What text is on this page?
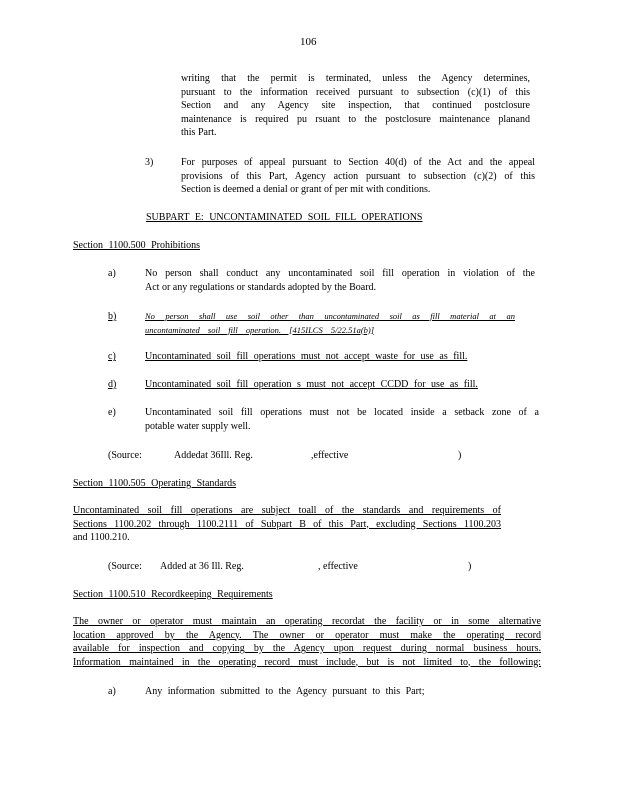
106
writing that the permit is terminated, unless the Agency determines,
pursuant to the information received pursuant to subsection (c)(1) of this
Section and any Agency site inspection, that continued postclosure
maintenance is required pu rsuant to the postclosure maintenance planand
this Part.
3)	For purposes of appeal pursuant to Section 40(d) of the Act and the appeal
provisions of this Part, Agency action pursuant to subsection (c)(2) of this
Section is deemed a denial or grant of per mit with conditions.
SUBPART E: UNCONTAMINATED SOIL FILL OPERATIONS
Section 1100.500 Prohibitions
a)	No person shall conduct any uncontaminated soil fill operation in violation of the
Act or any regulations or standards adopted by the Board.
b)	No person shall use soil other than uncontaminated soil as fill material at an
uncontaminated soil fill operation. [415ILCS 5/22.51a(b)]
c)	Uncontaminated soil fill operations must not accept waste for use as fill.
d)	Uncontaminated soil fill operation s must not accept CCDD for use as fill.
e)	Uncontaminated soil fill operations must not be located inside a setback zone of a
potable water supply well.
(Source:	Addedat 36Ill. Reg.	,effective	)
Section 1100.505 Operating Standards
Uncontaminated soil fill operations are subject toall of the standards and requirements of
Sections 1100.202 through 1100.2111 of Subpart B of this Part, excluding Sections 1100.203
and 1100.210.
(Source: Added at 36 Ill. Reg.	, effective	)
Section 1100.510 Recordkeeping Requirements
The owner or operator must maintain an operating recordat the facility or in some alternative
location approved by the Agency. The owner or operator must make the operating record
available for inspection and copying by the Agency upon request during normal business hours.
Information maintained in the operating record must include, but is not limited to, the following:
a)	Any information submitted to the Agency pursuant to this Part;
